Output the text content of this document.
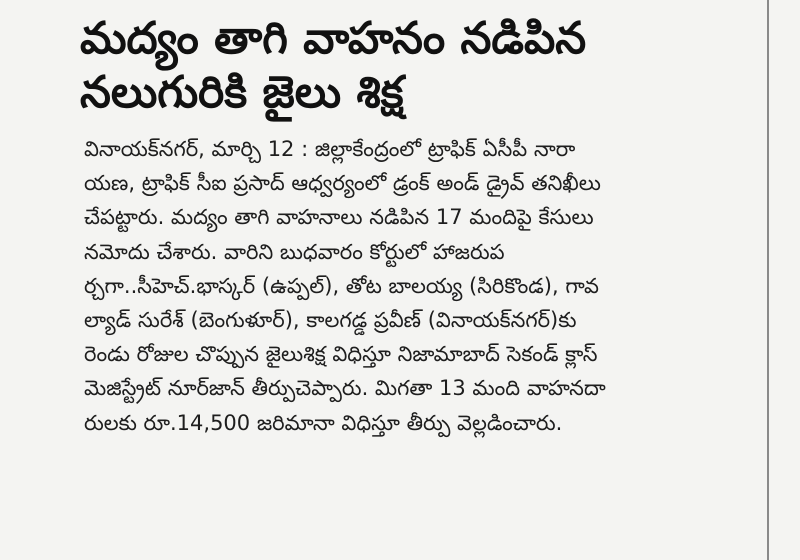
మద్యం తాగి వాహనం నడిపిన
నలుగురికి జైలు శిక్ష
వినాయక్‌నగర్, మార్చి 12 : జిల్లాకేంద్రంలో ట్రాఫిక్ ఏసీపీ నారా
యణ, ట్రాఫిక్ సీఐ ప్రసాద్ ఆధ్వర్యంలో డ్రంక్ అండ్ డ్రైవ్ తనిఖీలు
చేపట్టారు. మద్యం తాగి వాహనాలు నడిపిన 17 మందిపై కేసులు
నమోదు చేశారు. వారిని బుధవారం కోర్టులో హాజరుప
ర్చగా..సీహెచ్.భాస్కర్ (ఉప్పల్), తోట బాలయ్య (సిరికొండ), గావ
ల్యాడ్ సురేశ్ (బెంగుళూర్), కాలగడ్డ ప్రవీణ్ (వినాయక్‌నగర్)కు
రెండు రోజుల చొప్పున జైలుశిక్ష విధిస్తూ నిజామాబాద్ సెకండ్ క్లాస్
మెజిస్ట్రేట్ నూర్‌జాన్ తీర్పుచెప్పారు. మిగతా 13 మంది వాహనదా
రులకు రూ.14,500 జరిమానా విధిస్తూ తీర్పు వెల్లడించారు.
